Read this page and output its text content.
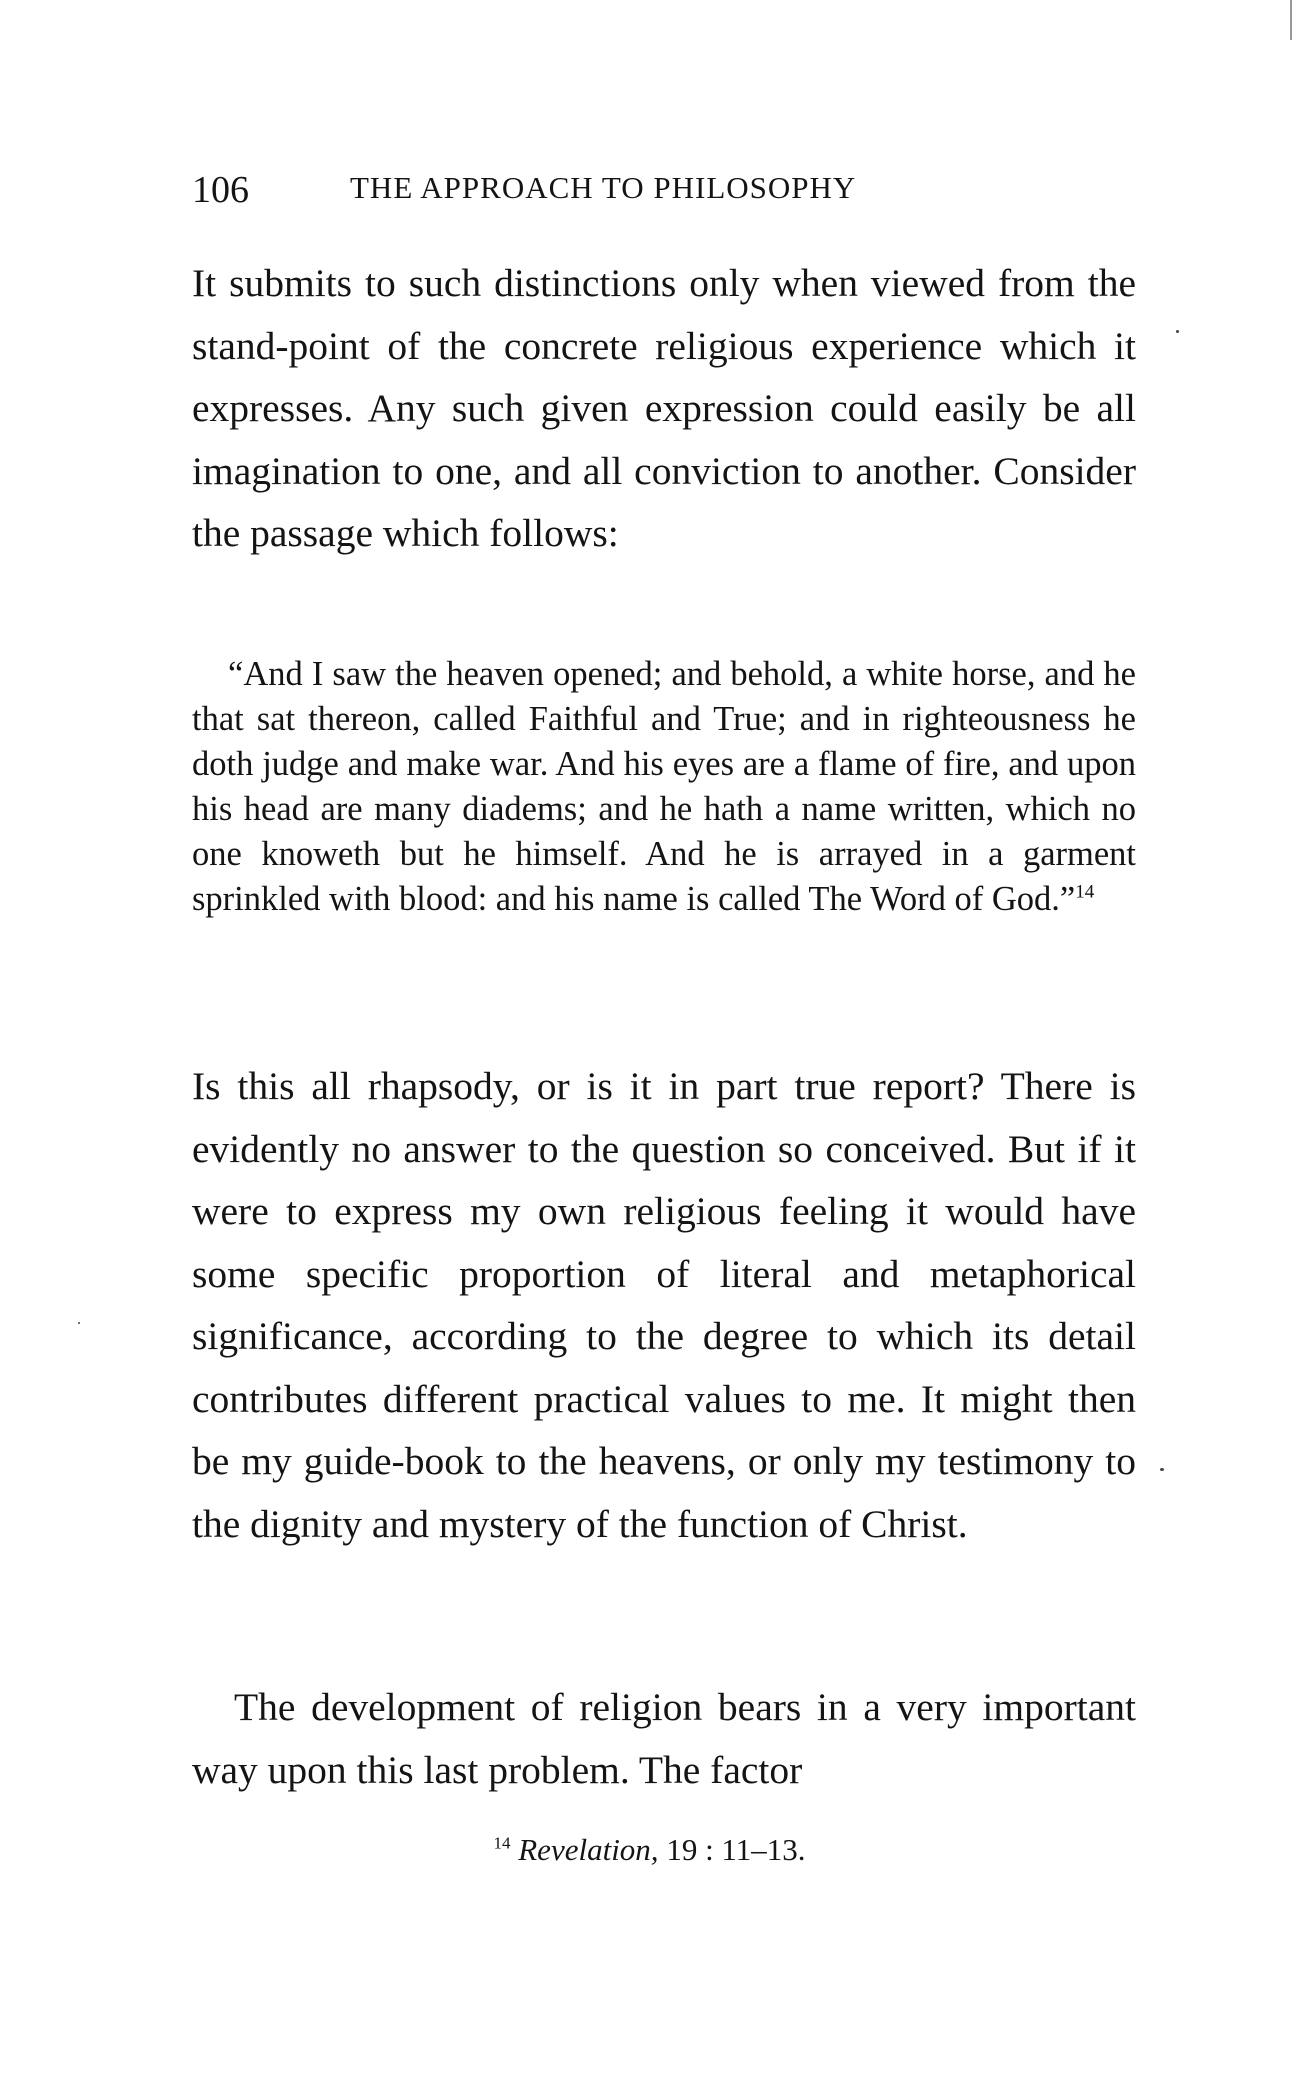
106	THE APPROACH TO PHILOSOPHY

It submits to such distinctions only when viewed from the stand-point of the concrete religious experience which it expresses. Any such given expression could easily be all imagination to one, and all conviction to another. Consider the passage which follows:

“And I saw the heaven opened; and behold, a white horse, and he that sat thereon, called Faithful and True; and in righteousness he doth judge and make war. And his eyes are a flame of fire, and upon his head are many diadems; and he hath a name written, which no one knoweth but he himself. And he is arrayed in a garment sprinkled with blood: and his name is called The Word of God.”$^{14}$

Is this all rhapsody, or is it in part true report? There is evidently no answer to the question so conceived. But if it were to express my own religious feeling it would have some specific proportion of literal and metaphorical significance, according to the degree to which its detail contributes different practical values to me. It might then be my guide-book to the heavens, or only my testimony to the dignity and mystery of the function of Christ.

The development of religion bears in a very important way upon this last problem. The factor

$^{14}$ Revelation, 19 : 11–13.
